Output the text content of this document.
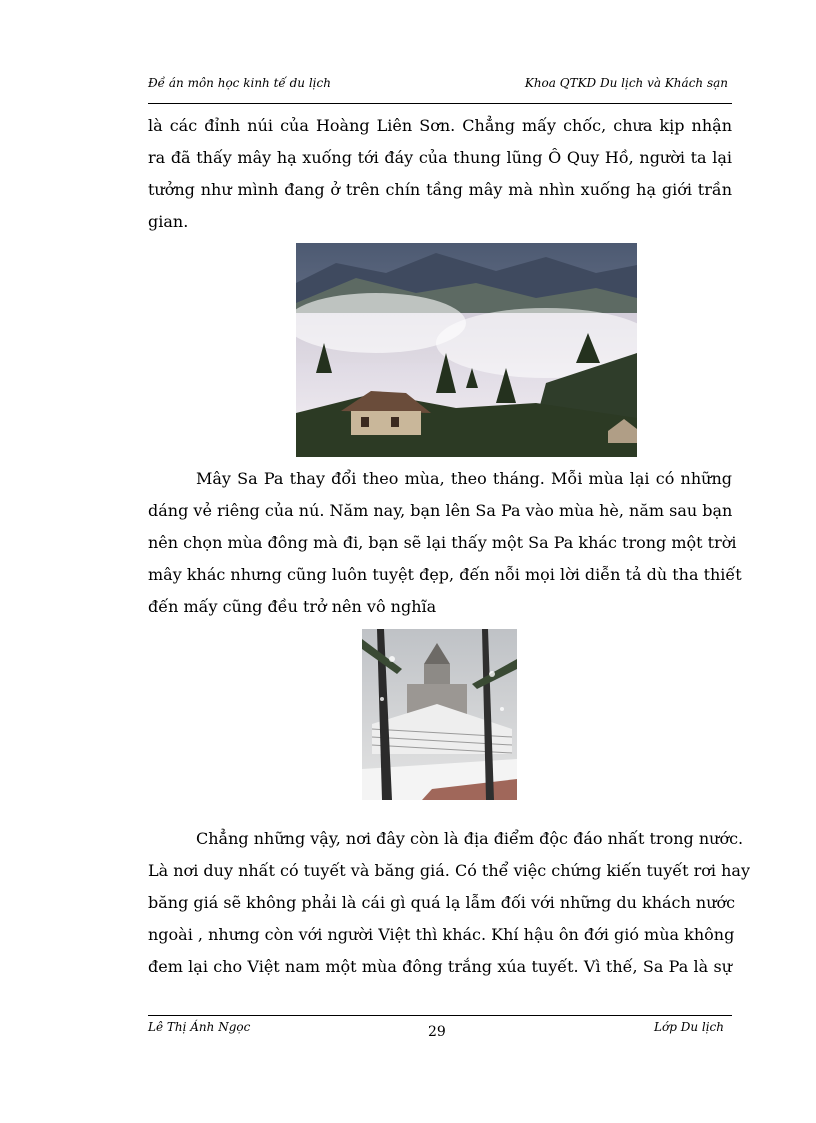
Đề án môn học kinh tế du lịch	Khoa QTKD Du lịch và Khách sạn
là các đỉnh núi của Hoàng Liên Sơn. Chẳng mấy chốc, chưa kịp nhận
ra đã thấy mây hạ xuống tới đáy của thung lũng Ô Quy Hồ, người ta lại
tưởng như mình đang ở trên chín tầng mây mà nhìn xuống hạ giới trần
gian.
Mây Sa Pa thay đổi theo mùa, theo tháng. Mỗi mùa lại có những
dáng vẻ riêng của nú. Năm nay, bạn lên Sa Pa vào mùa hè, năm sau bạn
nên chọn mùa đông mà đi, bạn sẽ lại thấy một Sa Pa khác trong một trời
mây khác nhưng cũng luôn tuyệt đẹp, đến nỗi mọi lời diễn tả dù tha thiết
đến mấy cũng đều trở nên vô nghĩa
Chẳng những vậy, nơi đây còn là địa điểm độc đáo nhất trong nước.
Là nơi duy nhất có tuyết và băng giá. Có thể việc chứng kiến tuyết rơi hay
băng giá sẽ không phải là cái gì quá lạ lẫm đối với những du khách nước
ngoài , nhưng còn với người Việt thì khác. Khí hậu ôn đới gió mùa không
đem lại cho Việt nam một mùa đông trắng xúa tuyết. Vì thế, Sa Pa là sự
Lê Thị Ánh Ngọc	29	Lớp Du lịch
